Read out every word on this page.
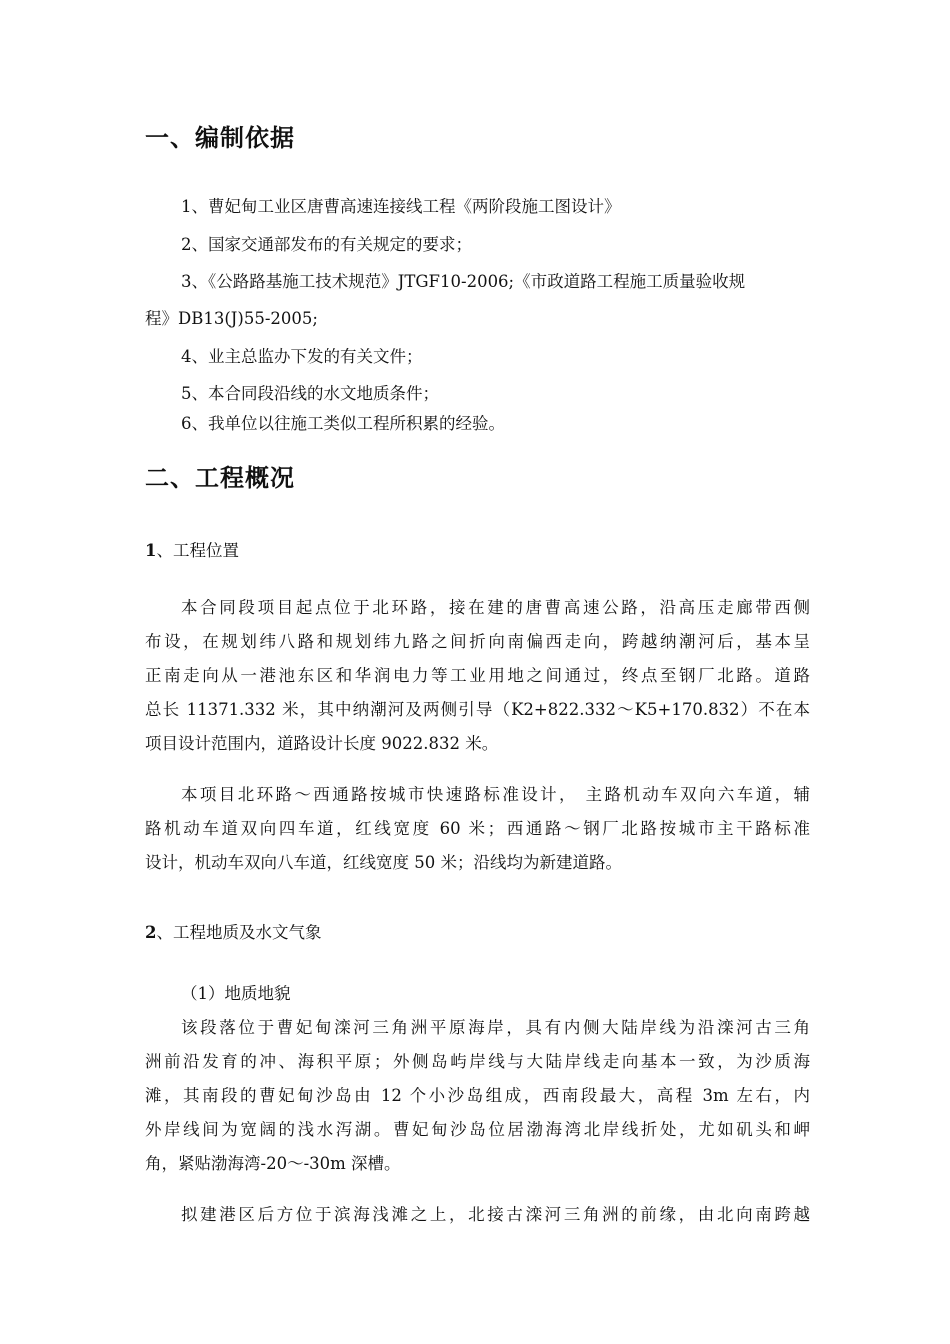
一、编制依据
1、曹妃甸工业区唐曹高速连接线工程《两阶段施工图设计》
2、国家交通部发布的有关规定的要求；
3、《公路路基施工技术规范》JTGF10-2006;《市政道路工程施工质量验收规
程》DB13(J)55-2005;
4、业主总监办下发的有关文件；
5、本合同段沿线的水文地质条件；
6、我单位以往施工类似工程所积累的经验。
二、工程概况
1、工程位置
本合同段项目起点位于北环路，接在建的唐曹高速公路，沿高压走廊带西侧
布设，在规划纬八路和规划纬九路之间折向南偏西走向，跨越纳潮河后，基本呈
正南走向从一港池东区和华润电力等工业用地之间通过，终点至钢厂北路。道路
总长 11371.332 米，其中纳潮河及两侧引导（K2+822.332～K5+170.832）不在本
项目设计范围内，道路设计长度 9022.832 米。
本项目北环路～西通路按城市快速路标准设计， 主路机动车双向六车道，辅
路机动车道双向四车道，红线宽度 60 米；西通路～钢厂北路按城市主干路标准
设计，机动车双向八车道，红线宽度 50 米；沿线均为新建道路。
2、工程地质及水文气象
（1）地质地貌
该段落位于曹妃甸滦河三角洲平原海岸，具有内侧大陆岸线为沿滦河古三角
洲前沿发育的冲、海积平原；外侧岛屿岸线与大陆岸线走向基本一致，为沙质海
滩，其南段的曹妃甸沙岛由 12 个小沙岛组成，西南段最大，高程 3m 左右，内
外岸线间为宽阔的浅水泻湖。曹妃甸沙岛位居渤海湾北岸线折处，尤如矶头和岬
角，紧贴渤海湾-20～-30m 深槽。
拟建港区后方位于滨海浅滩之上，北接古滦河三角洲的前缘，由北向南跨越
